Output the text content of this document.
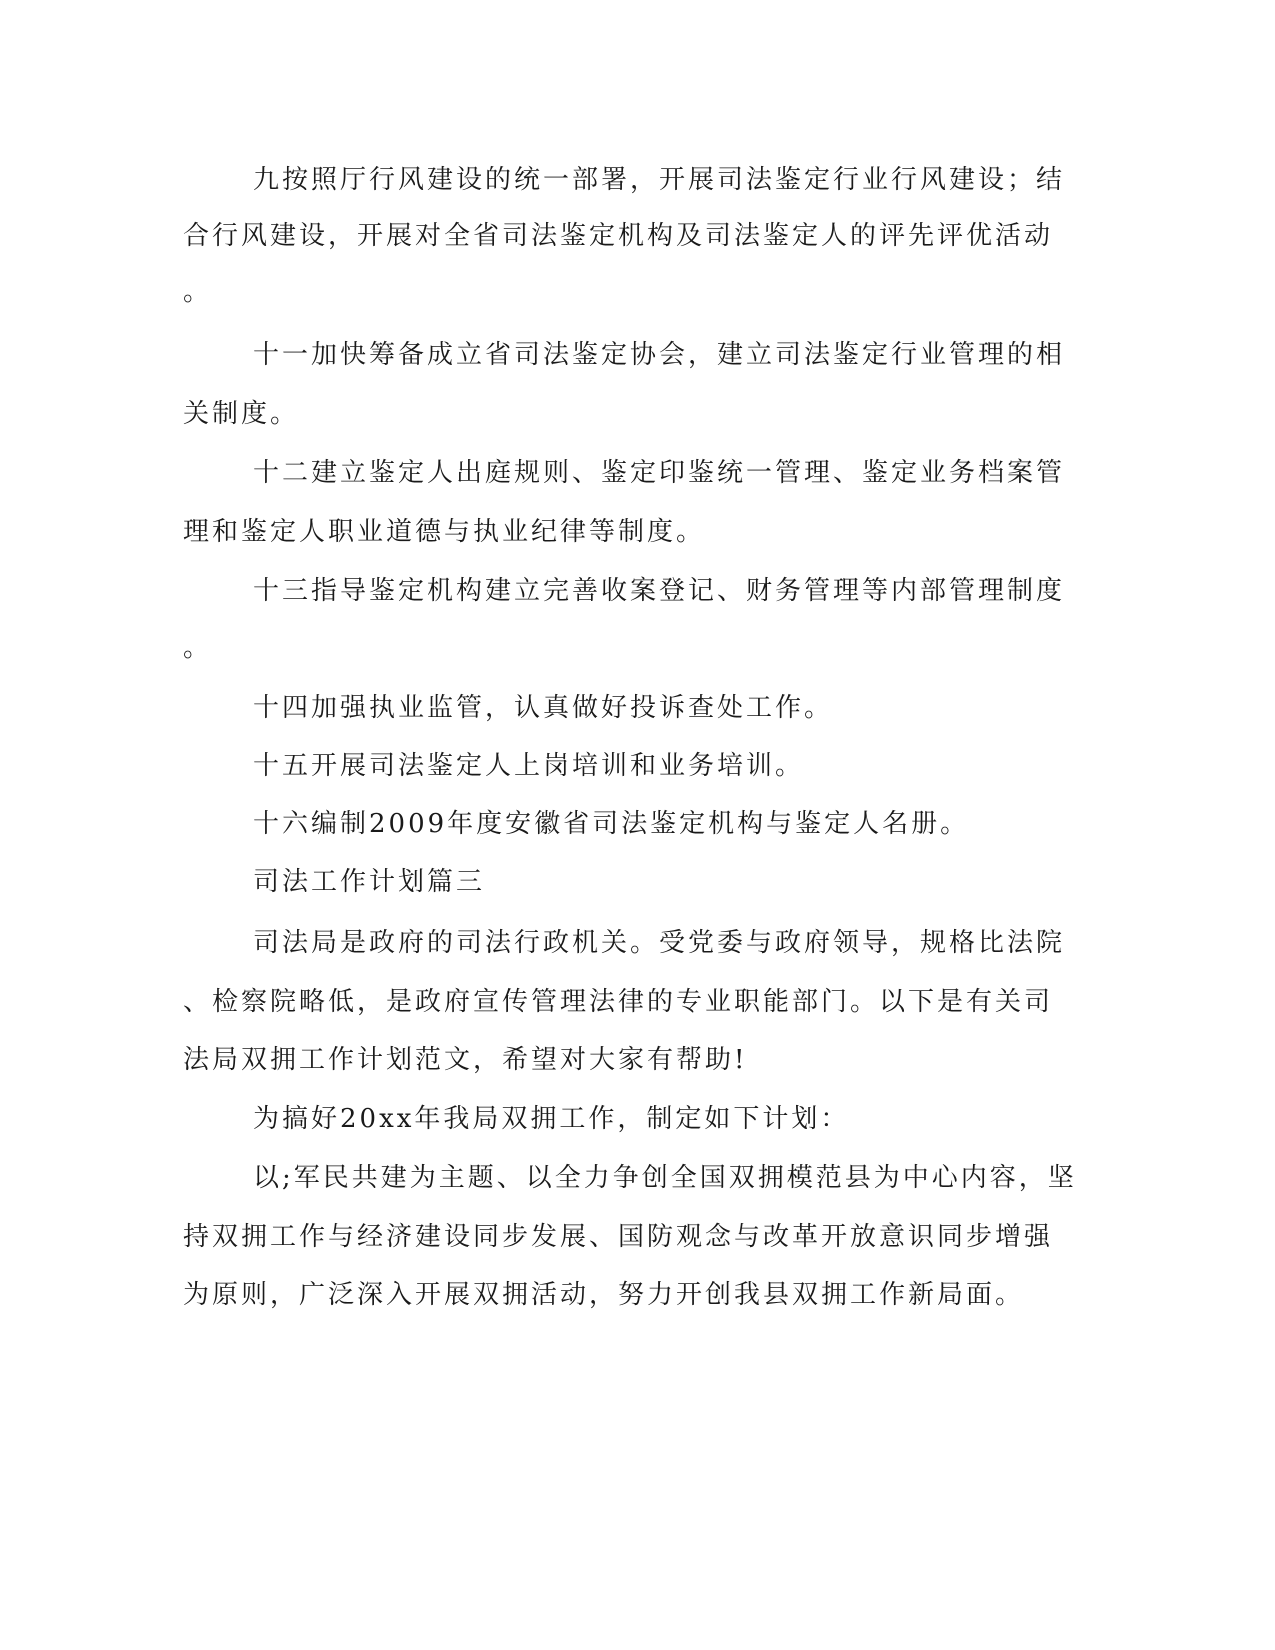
九按照厅行风建设的统一部署，开展司法鉴定行业行风建设；结
合行风建设，开展对全省司法鉴定机构及司法鉴定人的评先评优活动
。
十一加快筹备成立省司法鉴定协会，建立司法鉴定行业管理的相
关制度。
十二建立鉴定人出庭规则、鉴定印鉴统一管理、鉴定业务档案管
理和鉴定人职业道德与执业纪律等制度。
十三指导鉴定机构建立完善收案登记、财务管理等内部管理制度
。
十四加强执业监管，认真做好投诉查处工作。
十五开展司法鉴定人上岗培训和业务培训。
十六编制2009年度安徽省司法鉴定机构与鉴定人名册。
司法工作计划篇三
司法局是政府的司法行政机关。受党委与政府领导，规格比法院
、检察院略低，是政府宣传管理法律的专业职能部门。以下是有关司
法局双拥工作计划范文，希望对大家有帮助!
为搞好20xx年我局双拥工作，制定如下计划：
以;军民共建为主题、以全力争创全国双拥模范县为中心内容，坚
持双拥工作与经济建设同步发展、国防观念与改革开放意识同步增强
为原则，广泛深入开展双拥活动，努力开创我县双拥工作新局面。
